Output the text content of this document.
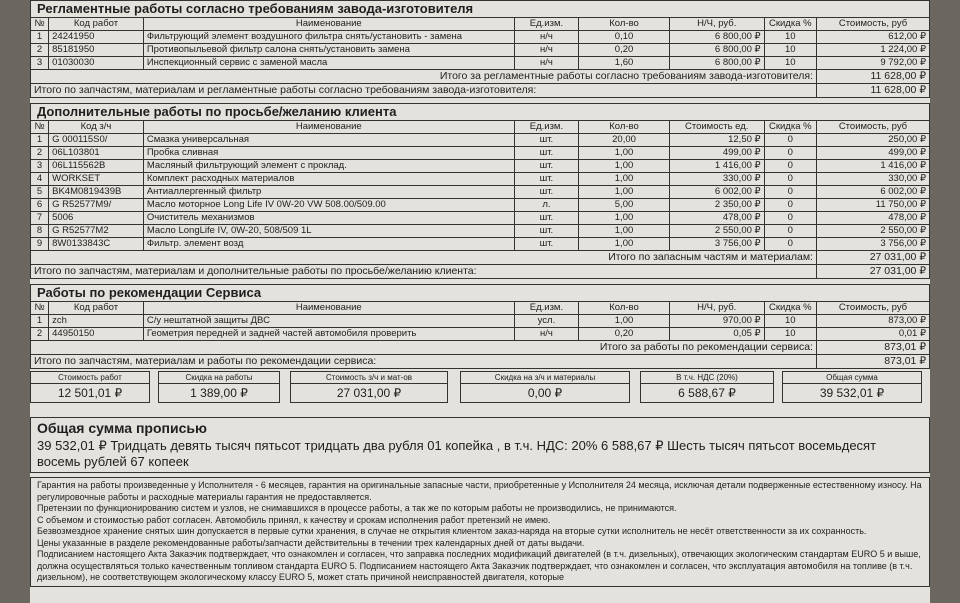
Регламентные работы согласно требованиям завода-изготовителя							
№	Код работ	Наименование	Ед.изм.	Кол-во	Н/Ч, руб.	Скидка %	Стоимость, руб
1	24241950	Фильтрующий элемент воздушного фильтра снять/установить - замена	н/ч	0,10	6 800,00 ₽	10	612,00 ₽
2	85181950	Противопыльевой фильтр салона снять/установить замена	н/ч	0,20	6 800,00 ₽	10	1 224,00 ₽
3	01030030	Инспекционный сервис с заменой масла	н/ч	1,60	6 800,00 ₽	10	9 792,00 ₽
Итого за регламентные работы согласно требованиям завода-изготовителя:							11 628,00 ₽
Итого по запчастям, материалам и регламентные работы согласно требованиям завода-изготовителя:							11 628,00 ₽
Дополнительные работы по просьбе/желанию клиента							
№	Код з/ч	Наименование	Ед.изм.	Кол-во	Стоимость ед.	Скидка %	Стоимость, руб
1	G 000115S0/	Смазка универсальная	шт.	20,00	12,50 ₽	0	250,00 ₽
2	06L103801	Пробка сливная	шт.	1,00	499,00 ₽	0	499,00 ₽
3	06L115562B	Масляный фильтрующий элемент с проклад.	шт.	1,00	1 416,00 ₽	0	1 416,00 ₽
4	WORKSET	Комплект расходных материалов	шт.	1,00	330,00 ₽	0	330,00 ₽
5	BK4M0819439B	Антиаллергенный фильтр	шт.	1,00	6 002,00 ₽	0	6 002,00 ₽
6	G R52577M9/	Масло моторное Long Life IV 0W-20 VW 508.00/509.00	л.	5,00	2 350,00 ₽	0	11 750,00 ₽
7	5006	Очиститель механизмов	шт.	1,00	478,00 ₽	0	478,00 ₽
8	G R52577M2	Масло LongLife IV, 0W-20, 508/509 1L	шт.	1,00	2 550,00 ₽	0	2 550,00 ₽
9	8W0133843C	Фильтр. элемент возд	шт.	1,00	3 756,00 ₽	0	3 756,00 ₽
Итого по запасным частям и материалам:							27 031,00 ₽
Итого по запчастям, материалам и дополнительные работы по просьбе/желанию клиента:							27 031,00 ₽
Работы по рекомендации Сервиса							
№	Код работ	Наименование	Ед.изм.	Кол-во	Н/Ч, руб.	Скидка %	Стоимость, руб
1	zch	С/у нештатной защиты ДВС	усл.	1,00	970,00 ₽	10	873,00 ₽
2	44950150	Геометрия передней и задней частей автомобиля проверить	н/ч	0,20	0,05 ₽	10	0,01 ₽
Итого за работы по рекомендации сервиса:							873,01 ₽
Итого по запчастям, материалам и работы по рекомендации сервиса:							873,01 ₽
Стоимость работ
12 501,01 ₽
Скидка на работы
1 389,00 ₽
Стоимость з/ч и мат-ов
27 031,00 ₽
Скидка на з/ч и материалы
0,00 ₽
В т.ч. НДС (20%)
6 588,67 ₽
Общая сумма
39 532,01 ₽
Общая сумма прописью
39 532,01 ₽ Тридцать девять тысяч пятьсот тридцать два рубля 01 копейка , в т.ч. НДС: 20% 6 588,67 ₽ Шесть тысяч пятьсот восемьдесят восемь рублей 67 копеек

Гарантия на работы произведенные у Исполнителя - 6 месяцев, гарантия на оригинальные запасные части, приобретенные у Исполнителя 24 месяца, исключая детали подверженные естественному износу. На регулировочные работы и расходные материалы гарантия не предоставляется.

Претензии по функционированию систем и узлов, не снимавшихся в процессе работы, а так же по которым работы не производились, не принимаются.

С объемом и стоимостью работ согласен. Автомобиль принял, к качеству и срокам исполнения работ претензий не имею.

Безвозмездное хранение снятых шин допускается в первые сутки хранения, в случае не открытия клиентом заказ-наряда на вторые сутки исполнитель не несёт ответственности за их сохранность.

Цены указанные в разделе рекомендованные работы/запчасти действительны в течении трех календарных дней от даты выдачи.

Подписанием настоящего Акта Заказчик подтверждает, что ознакомлен и согласен, что заправка последних модификаций двигателей (в т.ч. дизельных), отвечающих экологическим стандартам EURO 5 и выше, должна осуществляться только качественным топливом стандарта EURO 5. Подписанием настоящего Акта Заказчик подтверждает, что ознакомлен и согласен, что эксплуатация автомобиля на топливе (в т.ч. дизельном), не соответствующем экологическому классу EURO 5, может стать причиной неисправностей двигателя, которые
